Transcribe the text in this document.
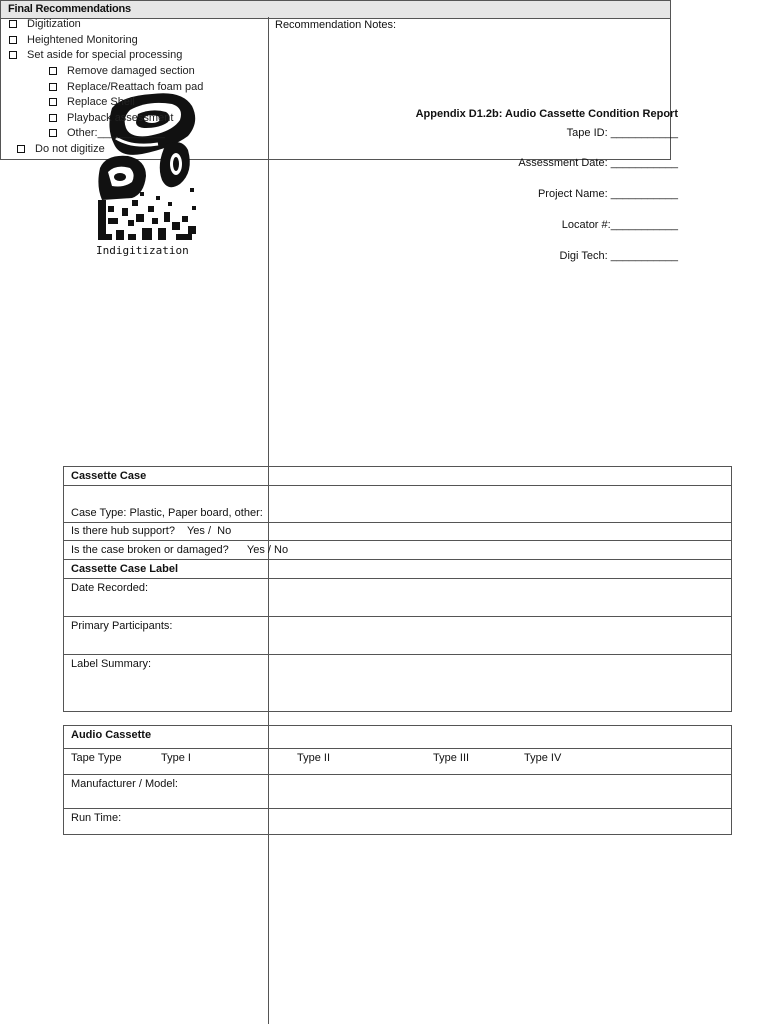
Indigitization
Appendix D1.2b: Audio Cassette Condition Report
Tape ID: ___________
Assessment Date: ___________
Project Name: ___________
Locator #:___________
Digi Tech: ___________
Final Recommendations
Digitization
Heightened Monitoring
Set aside for special processing
Remove damaged section
Replace/Reattach foam pad
Replace Shell
Playback assessment
Other:___________
Do not digitize
Recommendation Notes:
Cassette Case
Case Type: Plastic, Paper board, other:
Is there hub support?    Yes /  No
Is the case broken or damaged?      Yes / No
Cassette Case Label
Date Recorded:
Primary Participants:
Label Summary:
Audio Cassette
Tape Type	Type I	Type II	Type III	Type IV
Manufacturer / Model:
Run Time:
